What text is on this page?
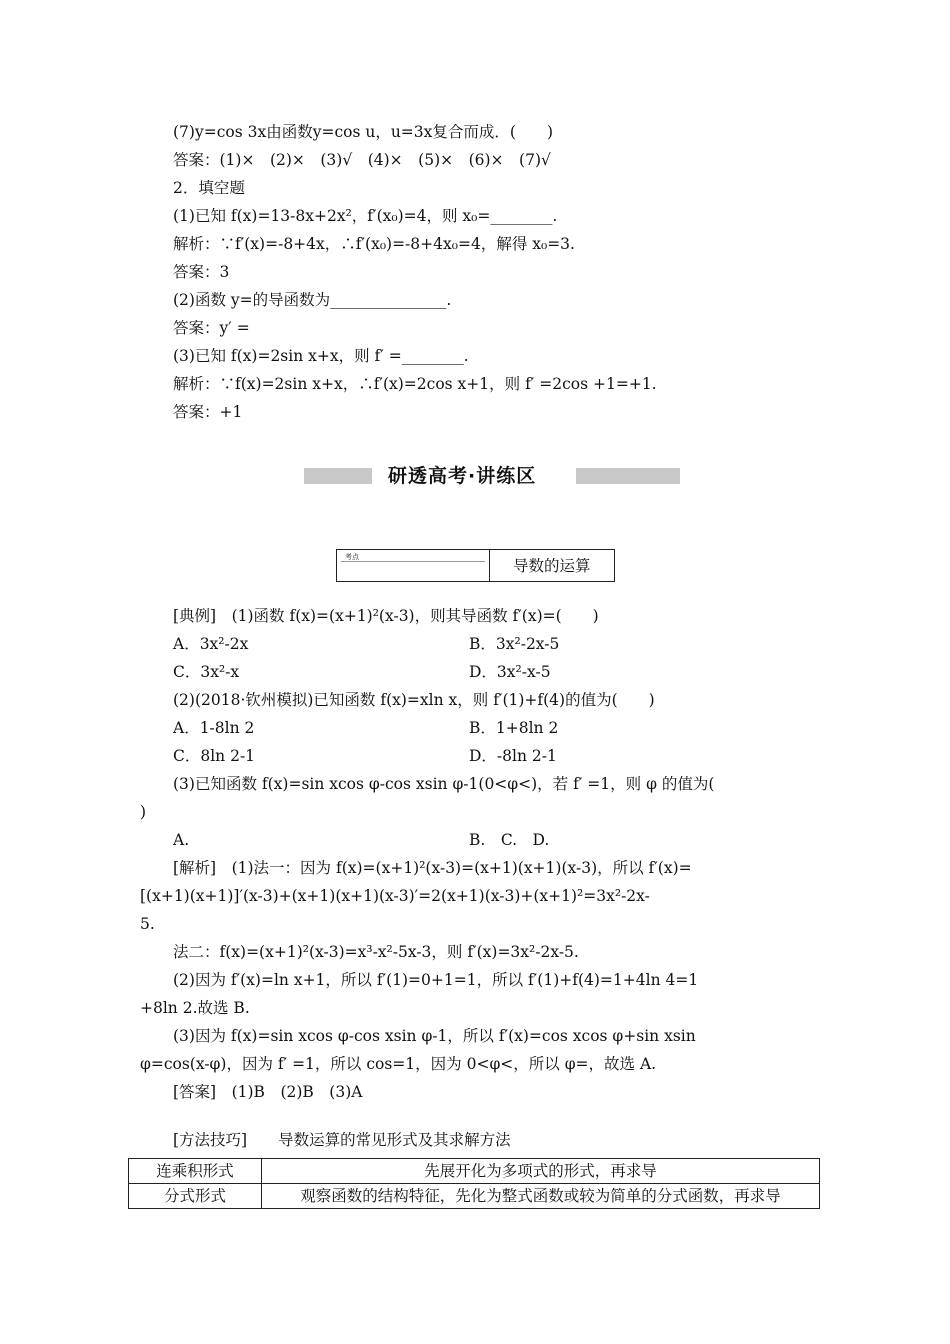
(7)y=cos 3x由函数y=cos u，u=3x复合而成．(　　)
答案：(1)×　(2)×　(3)√　(4)×　(5)×　(6)×　(7)√
2．填空题
(1)已知 f(x)=13-8x+2x²，f′(x₀)=4，则 x₀=________.
解析：∵f′(x)=-8+4x，∴f′(x₀)=-8+4x₀=4，解得 x₀=3.
答案：3
(2)函数 y=的导函数为_______________.
答案：y′ =
(3)已知 f(x)=2sin x+x，则 f′ =________.
解析：∵f(x)=2sin x+x，∴f′(x)=2cos x+1，则 f′ =2cos +1=+1.
答案：+1
研透高考·讲练区
考点	导数的运算
[典例]　(1)函数 f(x)=(x+1)²(x-3)，则其导函数 f′(x)=(　　)
A．3x²-2x	B．3x²-2x-5
C．3x²-x	D．3x²-x-5
(2)(2018·钦州模拟)已知函数 f(x)=xln x，则 f′(1)+f(4)的值为(　　)
A．1-8ln 2	B．1+8ln 2
C．8ln 2-1	D．-8ln 2-1
(3)已知函数 f(x)=sin xcos φ-cos xsin φ-1(0<φ<)，若 f′ =1，则 φ 的值为(
)
A.	B.　C.　D.
[解析]　(1)法一：因为 f(x)=(x+1)²(x-3)=(x+1)(x+1)(x-3)，所以 f′(x)=
[(x+1)(x+1)]′(x-3)+(x+1)(x+1)(x-3)′=2(x+1)(x-3)+(x+1)²=3x²-2x-
5.
法二：f(x)=(x+1)²(x-3)=x³-x²-5x-3，则 f′(x)=3x²-2x-5.
(2)因为 f′(x)=ln x+1，所以 f′(1)=0+1=1，所以 f′(1)+f(4)=1+4ln 4=1
+8ln 2.故选 B.
(3)因为 f(x)=sin xcos φ-cos xsin φ-1，所以 f′(x)=cos xcos φ+sin xsin
φ=cos(x-φ)，因为 f′ =1，所以 cos=1，因为 0<φ<，所以 φ=，故选 A.
[答案]　(1)B　(2)B　(3)A
[方法技巧]　　导数运算的常见形式及其求解方法
连乘积形式	先展开化为多项式的形式，再求导
分式形式	观察函数的结构特征，先化为整式函数或较为简单的分式函数，再求导
